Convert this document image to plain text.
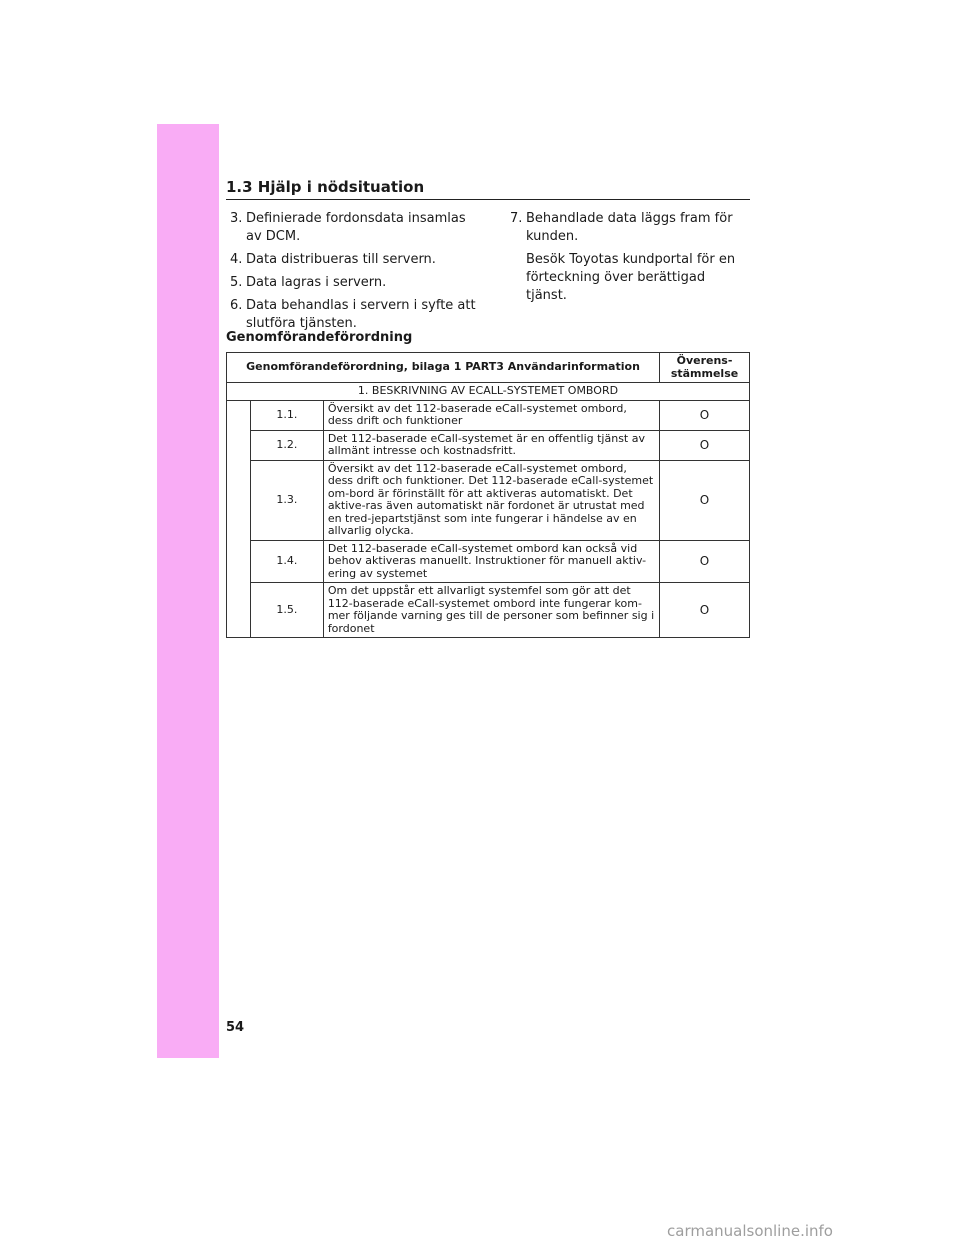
1.3 Hjälp i nödsituation
3. Definierade fordonsdata insamlas av DCM.
4. Data distribueras till servern.
5. Data lagras i servern.
6. Data behandlas i servern i syfte att slutföra tjänsten.
7. Behandlade data läggs fram för kunden.
Besök Toyotas kundportal för en förteckning över berättigad tjänst.
Genomförandeförordning
Genomförandeförordning, bilaga 1 PART3 Användarinformation			Överens-stämmelse
1. BESKRIVNING AV ECALL-SYSTEMET OMBORD			
	1.1.	Översikt av det 112-baserade eCall-systemet ombord, dess drift och funktioner	O
	1.2.	Det 112-baserade eCall-systemet är en offentlig tjänst av allmänt intresse och kostnadsfritt.	O
	1.3.	Översikt av det 112-baserade eCall-systemet ombord, dess drift och funktioner. Det 112-baserade eCall-systemet om-bord är förinställt för att aktiveras automatiskt. Det aktive-ras även automatiskt när fordonet är utrustat med en tred-jepartstjänst som inte fungerar i händelse av en allvarlig olycka.	O
	1.4.	Det 112-baserade eCall-systemet ombord kan också vid behov aktiveras manuellt. Instruktioner för manuell aktiv-ering av systemet	O
	1.5.	Om det uppstår ett allvarligt systemfel som gör att det 112-baserade eCall-systemet ombord inte fungerar kom-mer följande varning ges till de personer som befinner sig i fordonet	O
54
carmanualsonline.info
